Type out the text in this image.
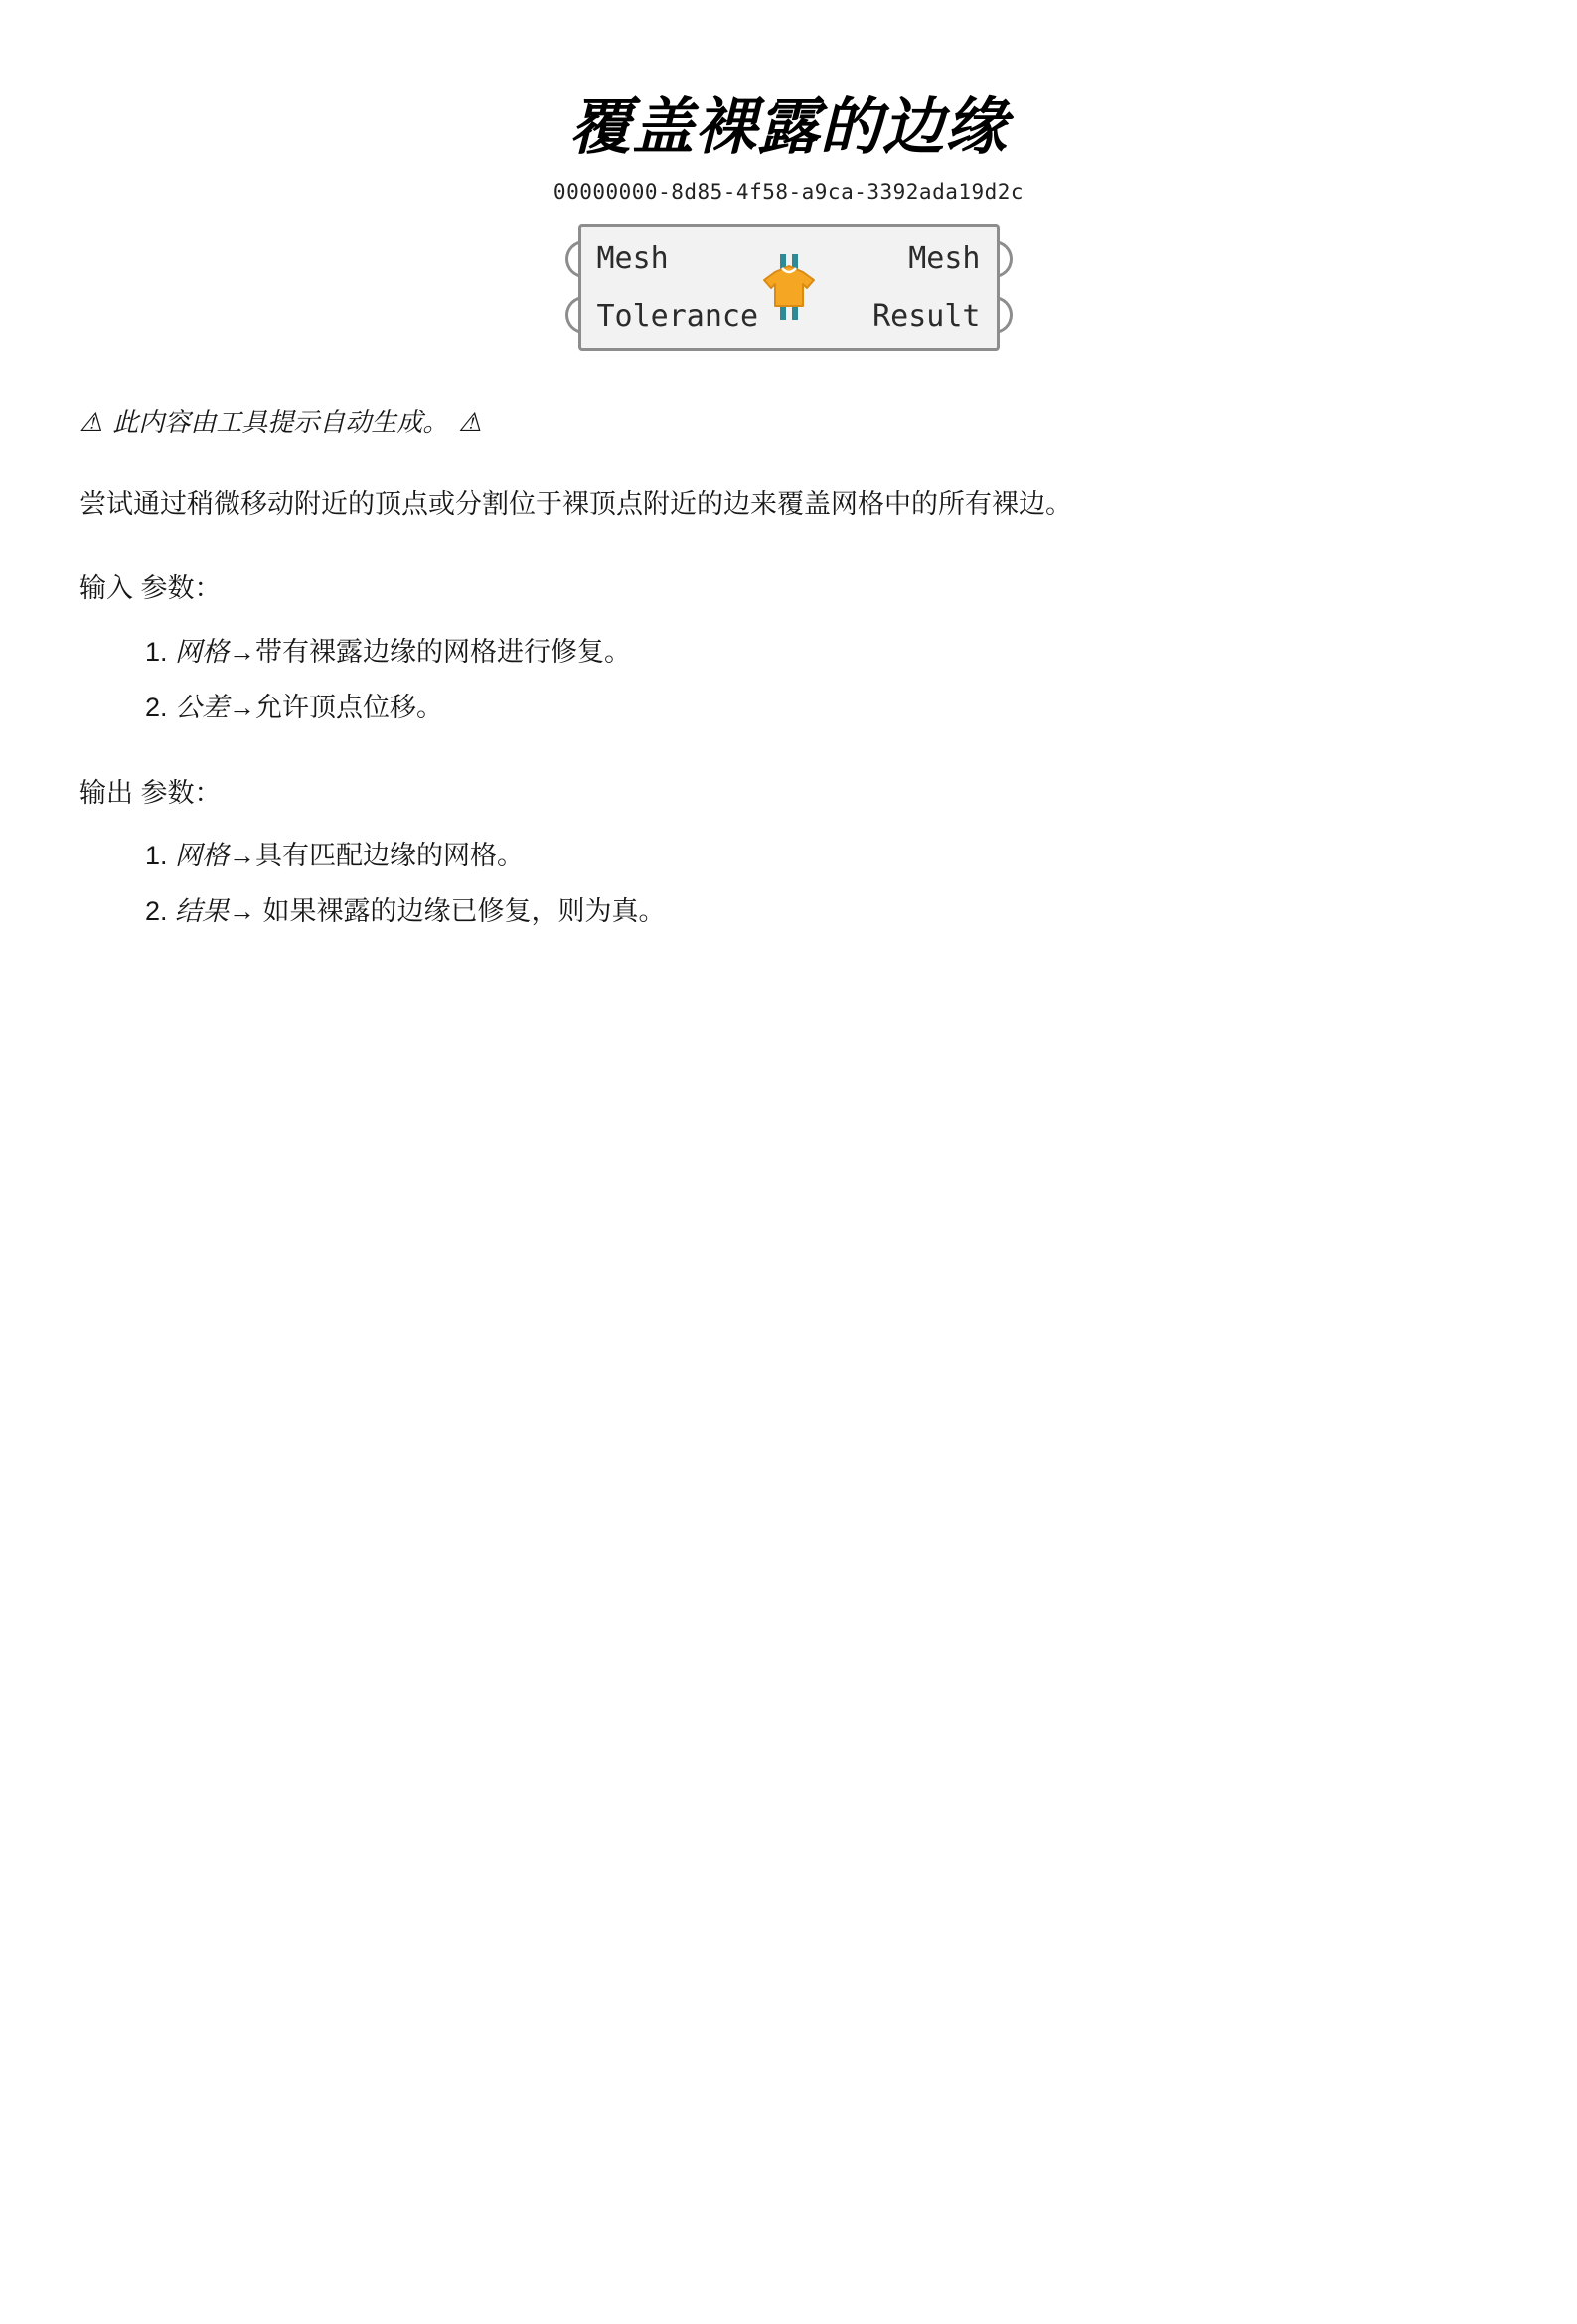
覆盖裸露的边缘
00000000-8d85-4f58-a9ca-3392ada19d2c
Mesh	Mesh
Tolerance	Result
⚠ 此内容由工具提示自动生成。 ⚠

尝试通过稍微移动附近的顶点或分割位于裸顶点附近的边来覆盖网格中的所有裸边。

输入 参数：

1. 网格→带有裸露边缘的网格进行修复。
2. 公差→允许顶点位移。

输出 参数：

1. 网格→具有匹配边缘的网格。
2. 结果→ 如果裸露的边缘已修复，则为真。
